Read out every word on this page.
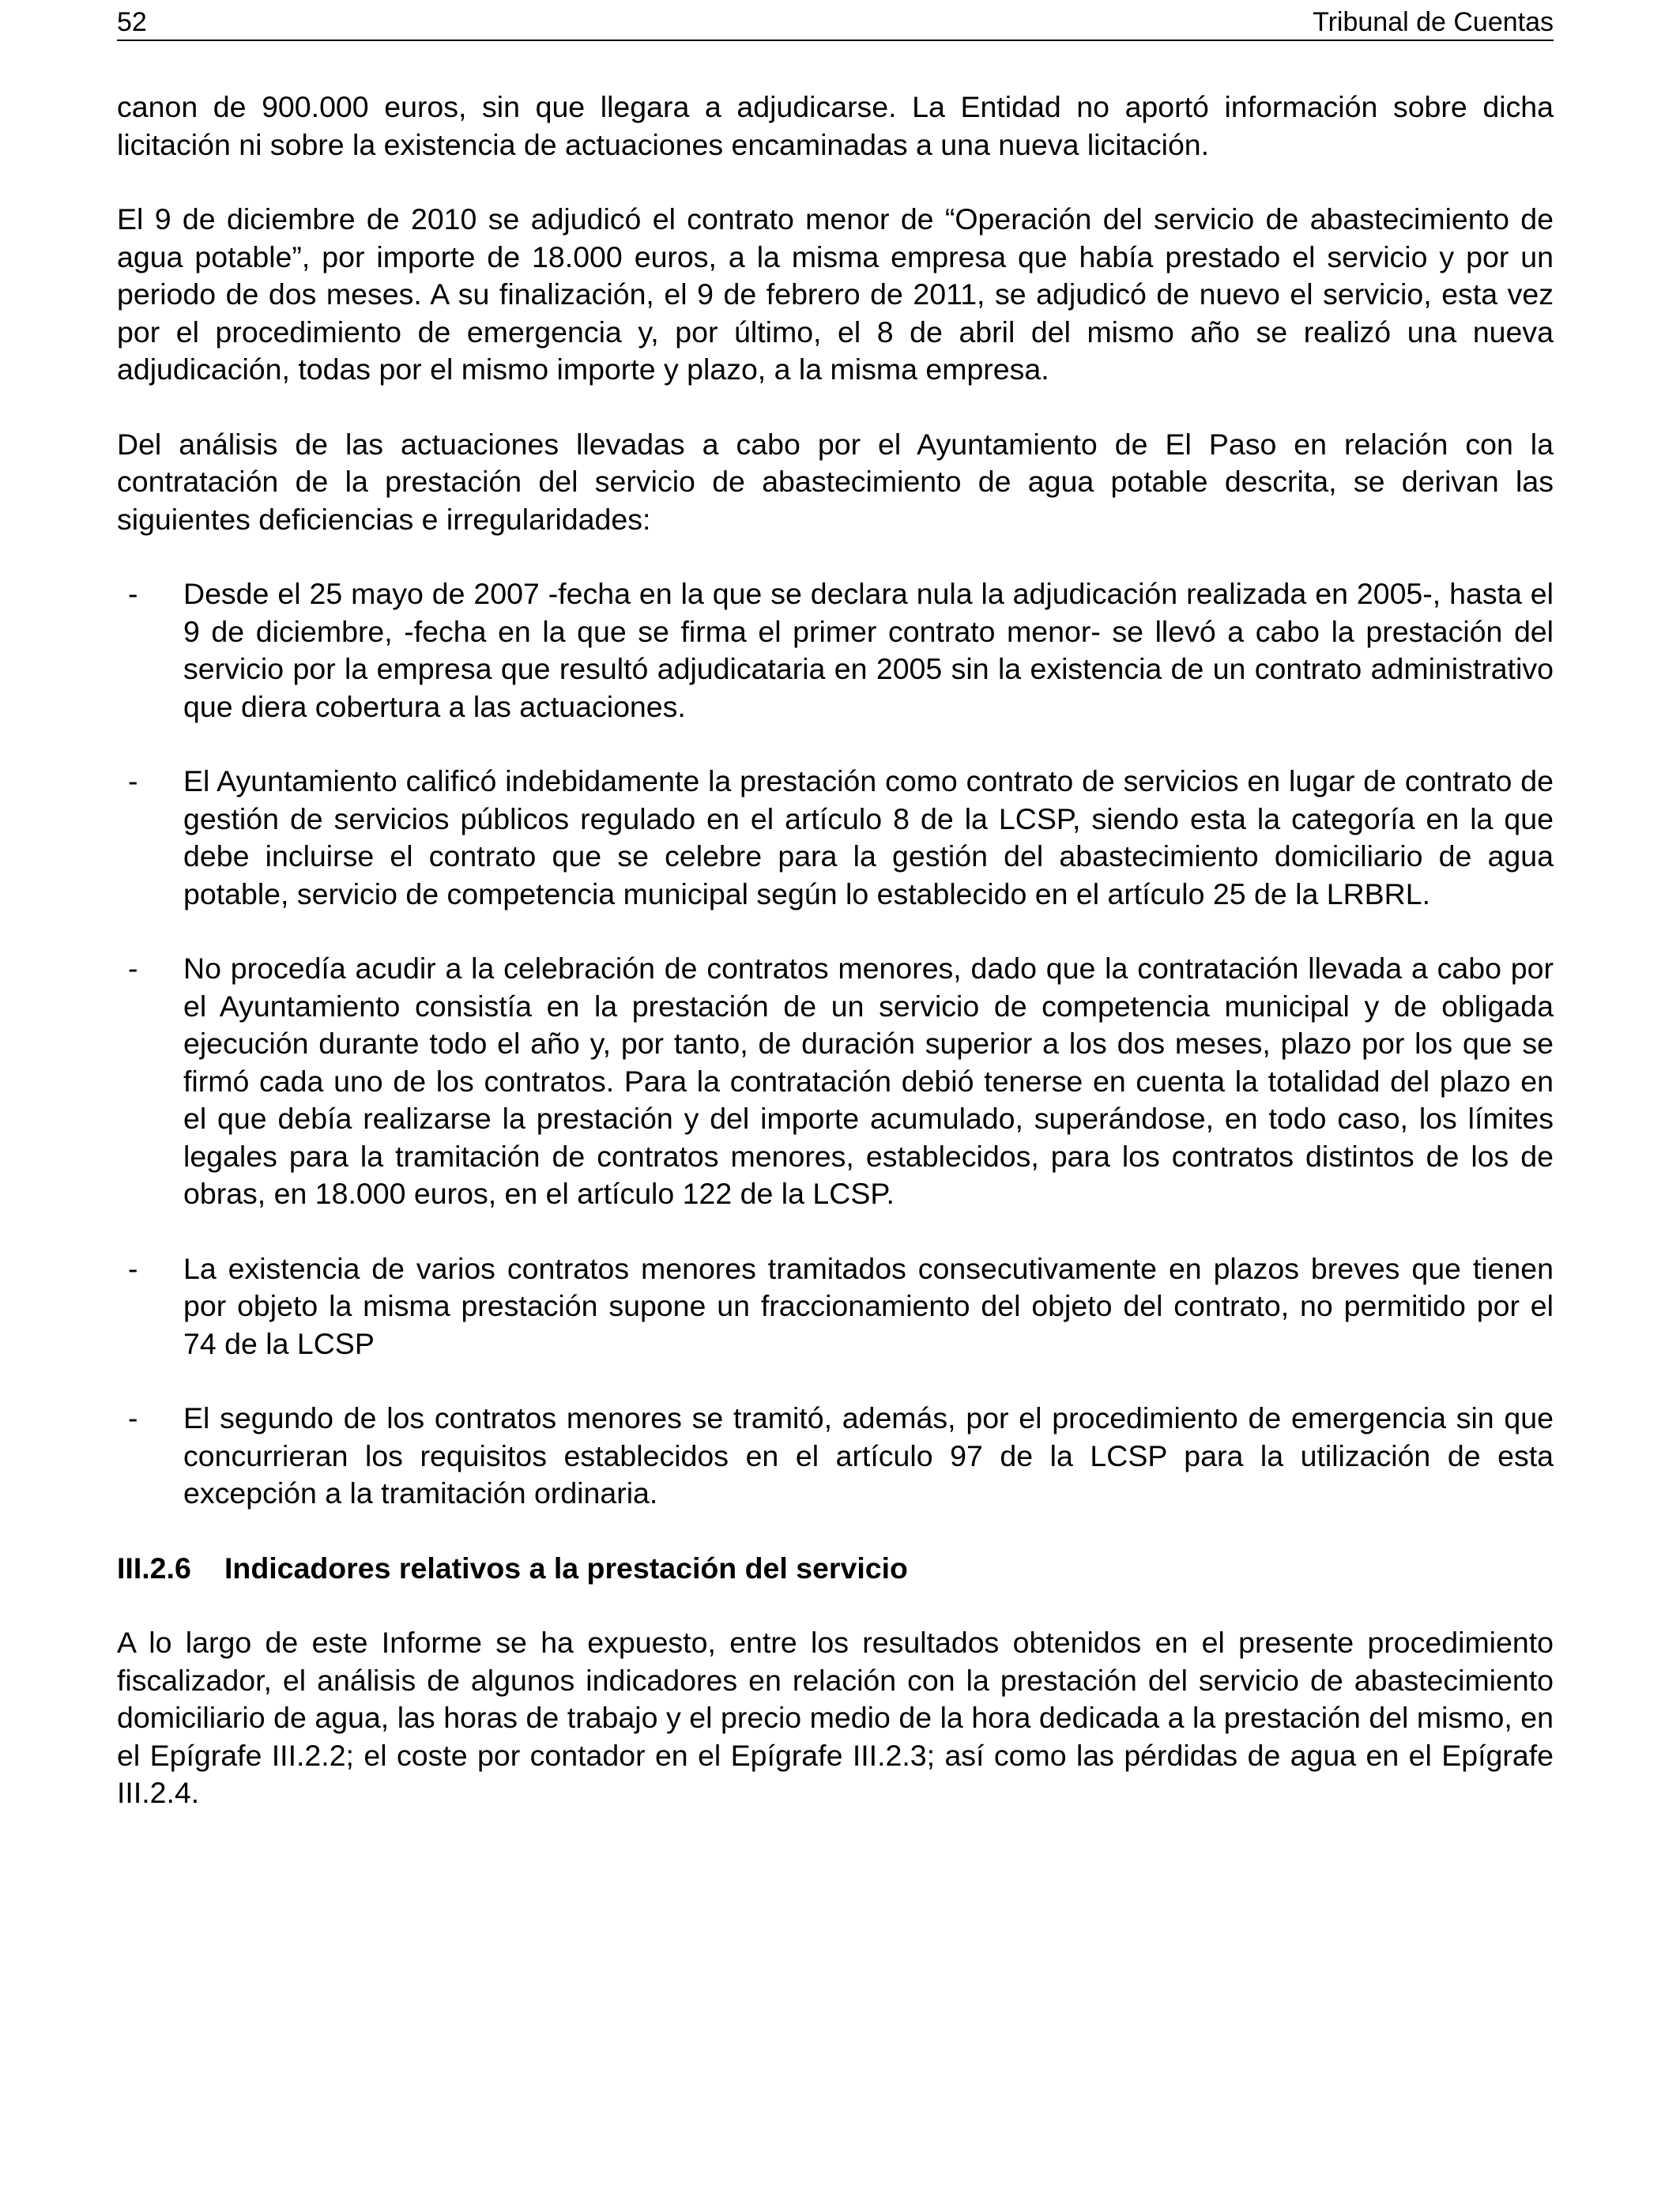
52	Tribunal de Cuentas

canon de 900.000 euros, sin que llegara a adjudicarse. La Entidad no aportó información sobre dicha licitación ni sobre la existencia de actuaciones encaminadas a una nueva licitación.

El 9 de diciembre de 2010 se adjudicó el contrato menor de “Operación del servicio de abastecimiento de agua potable”, por importe de 18.000 euros, a la misma empresa que había prestado el servicio y por un periodo de dos meses. A su finalización, el 9 de febrero de 2011, se adjudicó de nuevo el servicio, esta vez por el procedimiento de emergencia y, por último, el 8 de abril del mismo año se realizó una nueva adjudicación, todas por el mismo importe y plazo, a la misma empresa.

Del análisis de las actuaciones llevadas a cabo por el Ayuntamiento de El Paso en relación con la contratación de la prestación del servicio de abastecimiento de agua potable descrita, se derivan las siguientes deficiencias e irregularidades:

- Desde el 25 mayo de 2007 -fecha en la que se declara nula la adjudicación realizada en 2005-, hasta el 9 de diciembre, -fecha en la que se firma el primer contrato menor- se llevó a cabo la prestación del servicio por la empresa que resultó adjudicataria en 2005 sin la existencia de un contrato administrativo que diera cobertura a las actuaciones.
- El Ayuntamiento calificó indebidamente la prestación como contrato de servicios en lugar de contrato de gestión de servicios públicos regulado en el artículo 8 de la LCSP, siendo esta la categoría en la que debe incluirse el contrato que se celebre para la gestión del abastecimiento domiciliario de agua potable, servicio de competencia municipal según lo establecido en el artículo 25 de la LRBRL.
- No procedía acudir a la celebración de contratos menores, dado que la contratación llevada a cabo por el Ayuntamiento consistía en la prestación de un servicio de competencia municipal y de obligada ejecución durante todo el año y, por tanto, de duración superior a los dos meses, plazo por los que se firmó cada uno de los contratos. Para la contratación debió tenerse en cuenta la totalidad del plazo en el que debía realizarse la prestación y del importe acumulado, superándose, en todo caso, los límites legales para la tramitación de contratos menores, establecidos, para los contratos distintos de los de obras, en 18.000 euros, en el artículo 122 de la LCSP.
- La existencia de varios contratos menores tramitados consecutivamente en plazos breves que tienen por objeto la misma prestación supone un fraccionamiento del objeto del contrato, no permitido por el 74 de la LCSP
- El segundo de los contratos menores se tramitó, además, por el procedimiento de emergencia sin que concurrieran los requisitos establecidos en el artículo 97 de la LCSP para la utilización de esta excepción a la tramitación ordinaria.
III.2.6 Indicadores relativos a la prestación del servicio

A lo largo de este Informe se ha expuesto, entre los resultados obtenidos en el presente procedimiento fiscalizador, el análisis de algunos indicadores en relación con la prestación del servicio de abastecimiento domiciliario de agua, las horas de trabajo y el precio medio de la hora dedicada a la prestación del mismo, en el Epígrafe III.2.2; el coste por contador en el Epígrafe III.2.3; así como las pérdidas de agua en el Epígrafe III.2.4.
